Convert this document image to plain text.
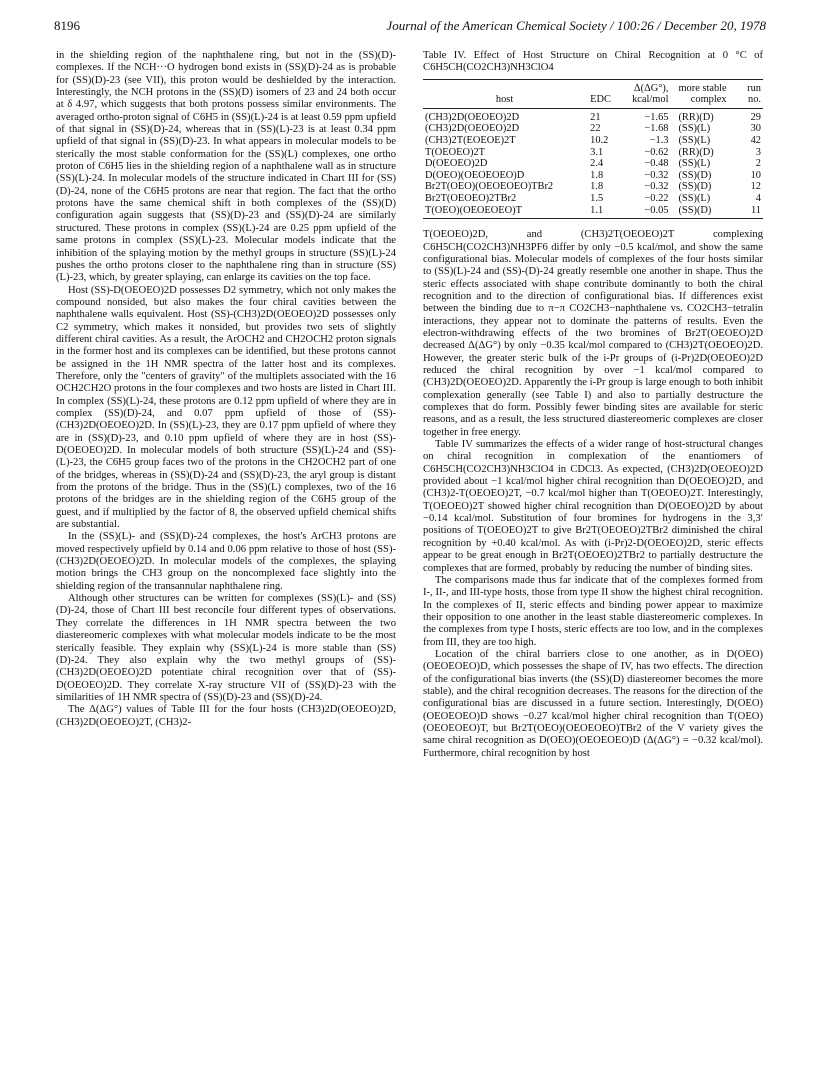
8196	Journal of the American Chemical Society / 100:26 / December 20, 1978

in the shielding region of the naphthalene ring, but not in the (SS)(D)-complexes. If the NCH···O hydrogen bond exists in (SS)(D)-24 as is probable for (SS)(D)-23 (see VII), this proton would be deshielded by the interaction. Interestingly, the NCH protons in the (SS)(D) isomers of 23 and 24 both occur at δ 4.97, which suggests that both protons possess similar environments. The averaged ortho-proton signal of C6H5 in (SS)(L)-24 is at least 0.59 ppm upfield of that signal in (SS)(D)-24, whereas that in (SS)(L)-23 is at least 0.34 ppm upfield of that signal in (SS)(D)-23. In what appears in molecular models to be sterically the most stable conformation for the (SS)(L) complexes, one ortho proton of C6H5 lies in the shielding region of a naphthalene wall as in structure (SS)(L)-24. In molecular models of the structure indicated in Chart III for (SS)(D)-24, none of the C6H5 protons are near that region. The fact that the ortho protons have the same chemical shift in both complexes of the (SS)(D) configuration again suggests that (SS)(D)-23 and (SS)(D)-24 are similarly structured. These protons in complex (SS)(L)-24 are 0.25 ppm upfield of the same protons in complex (SS)(L)-23. Molecular models indicate that the inhibition of the splaying motion by the methyl groups in structure (SS)(L)-24 pushes the ortho protons closer to the naphthalene ring than in structure (SS)(L)-23, which, by greater splaying, can enlarge its cavities on the top face.

Host (SS)-D(OEOEO)2D possesses D2 symmetry, which not only makes the compound nonsided, but also makes the four chiral cavities between the naphthalene walls equivalent. Host (SS)-(CH3)2D(OEOEO)2D possesses only C2 symmetry, which makes it nonsided, but provides two sets of slightly different chiral cavities. As a result, the ArOCH2 and CH2OCH2 proton signals in the former host and its complexes can be identified, but these protons cannot be assigned in the 1H NMR spectra of the latter host and its complexes. Therefore, only the "centers of gravity" of the multiplets associated with the 16 OCH2CH2O protons in the four complexes and two hosts are listed in Chart III. In complex (SS)(L)-24, these protons are 0.12 ppm upfield of where they are in complex (SS)(D)-24, and 0.07 ppm upfield of those of (SS)-(CH3)2D(OEOEO)2D. In (SS)(L)-23, they are 0.17 ppm upfield of where they are in (SS)(D)-23, and 0.10 ppm upfield of where they are in host (SS)-D(OEOEO)2D. In molecular models of both structure (SS)(L)-24 and (SS)-(L)-23, the C6H5 group faces two of the protons in the CH2OCH2 part of one of the bridges, whereas in (SS)(D)-24 and (SS)(D)-23, the aryl group is distant from the protons of the bridge. Thus in the (SS)(L) complexes, two of the 16 protons of the bridges are in the shielding region of the C6H5 group of the guest, and if multiplied by the factor of 8, the observed upfield chemical shifts are substantial.

In the (SS)(L)- and (SS)(D)-24 complexes, the host's ArCH3 protons are moved respectively upfield by 0.14 and 0.06 ppm relative to those of host (SS)-(CH3)2D(OEOEO)2D. In molecular models of the complexes, the splaying motion brings the CH3 group on the noncomplexed face slightly into the shielding region of the transannular naphthalene ring.

Although other structures can be written for complexes (SS)(L)- and (SS)(D)-24, those of Chart III best reconcile four different types of observations. They correlate the differences in 1H NMR spectra between the two diastereomeric complexes with what molecular models indicate to be the most sterically feasible. They explain why (SS)(L)-24 is more stable than (SS)(D)-24. They also explain why the two methyl groups of (SS)-(CH3)2D(OEOEO)2D potentiate chiral recognition over that of (SS)-D(OEOEO)2D. They correlate X-ray structure VII of (SS)(D)-23 with the similarities of 1H NMR spectra of (SS)(D)-23 and (SS)(D)-24.

The Δ(ΔG°) values of Table III for the four hosts (CH3)2D(OEOEO)2D, (CH3)2D(OEOEO)2T, (CH3)2-

Table IV. Effect of Host Structure on Chiral Recognition at 0 °C of C6H5CH(CO2CH3)NH3ClO4
		Δ(ΔG°),	more stable	run
host	EDC	kcal/mol	complex	no.
(CH3)2D(OEOEO)2D	21	−1.65	(RR)(D)	29
(CH3)2D(OEOEO)2D	22	−1.68	(SS)(L)	30
(CH3)2T(EOEOE)2T	10.2	−1.3	(SS)(L)	42
T(OEOEO)2T	3.1	−0.62	(RR)(D)	3
D(OEOEO)2D	2.4	−0.48	(SS)(L)	2
D(OEO)(OEOEOEO)D	1.8	−0.32	(SS)(D)	10
Br2T(OEO)(OEOEOEO)TBr2	1.8	−0.32	(SS)(D)	12
Br2T(OEOEO)2TBr2	1.5	−0.22	(SS)(L)	4
T(OEO)(OEOEOEO)T	1.1	−0.05	(SS)(D)	11

T(OEOEO)2D, and (CH3)2T(OEOEO)2T complexing C6H5CH(CO2CH3)NH3PF6 differ by only −0.5 kcal/mol, and show the same configurational bias. Molecular models of complexes of the four hosts similar to (SS)(L)-24 and (SS)-(D)-24 greatly resemble one another in shape. Thus the steric effects associated with shape contribute dominantly to both the chiral recognition and to the direction of configurational bias. If differences exist between the binding due to π−π CO2CH3−naphthalene vs. CO2CH3−tetralin interactions, they appear not to dominate the patterns of results. Even the electron-withdrawing effects of the two bromines of Br2T(OEOEO)2D decreased Δ(ΔG°) by only −0.35 kcal/mol compared to (CH3)2T(OEOEO)2D. However, the greater steric bulk of the i-Pr groups of (i-Pr)2D(OEOEO)2D reduced the chiral recognition by over −1 kcal/mol compared to (CH3)2D(OEOEO)2D. Apparently the i-Pr group is large enough to both inhibit complexation generally (see Table I) and also to partially destructure the complexes that do form. Possibly fewer binding sites are available for steric reasons, and as a result, the less structured diastereomeric complexes are closer together in free energy.

Table IV summarizes the effects of a wider range of host-structural changes on chiral recognition in complexation of the enantiomers of C6H5CH(CO2CH3)NH3ClO4 in CDCl3. As expected, (CH3)2D(OEOEO)2D provided about −1 kcal/mol higher chiral recognition than D(OEOEO)2D, and (CH3)2-T(OEOEO)2T, −0.7 kcal/mol higher than T(OEOEO)2T. Interestingly, T(OEOEO)2T showed higher chiral recognition than D(OEOEO)2D by about −0.14 kcal/mol. Substitution of four bromines for hydrogens in the 3,3′ positions of T(OEOEO)2T to give Br2T(OEOEO)2TBr2 diminished the chiral recognition by +0.40 kcal/mol. As with (i-Pr)2-D(OEOEO)2D, steric effects appear to be great enough in Br2T(OEOEO)2TBr2 to partially destructure the complexes that are formed, probably by reducing the number of binding sites.

The comparisons made thus far indicate that of the complexes formed from I-, II-, and III-type hosts, those from type II show the highest chiral recognition. In the complexes of II, steric effects and binding power appear to maximize their opposition to one another in the least stable diastereomeric complexes. In the complexes from type I hosts, steric effects are too low, and in the complexes from III, they are too high.

Location of the chiral barriers close to one another, as in D(OEO)(OEOEOEO)D, which possesses the shape of IV, has two effects. The direction of the configurational bias inverts (the (SS)(D) diastereomer becomes the more stable), and the chiral recognition decreases. The reasons for the direction of the configurational bias are discussed in a future section. Interestingly, D(OEO)(OEOEOEO)D shows −0.27 kcal/mol higher chiral recognition than T(OEO)(OEOEOEO)T, but Br2T(OEO)(OEOEOEO)TBr2 of the V variety gives the same chiral recognition as D(OEO)(OEOEOEO)D (Δ(ΔG°) = −0.32 kcal/mol). Furthermore, chiral recognition by host
